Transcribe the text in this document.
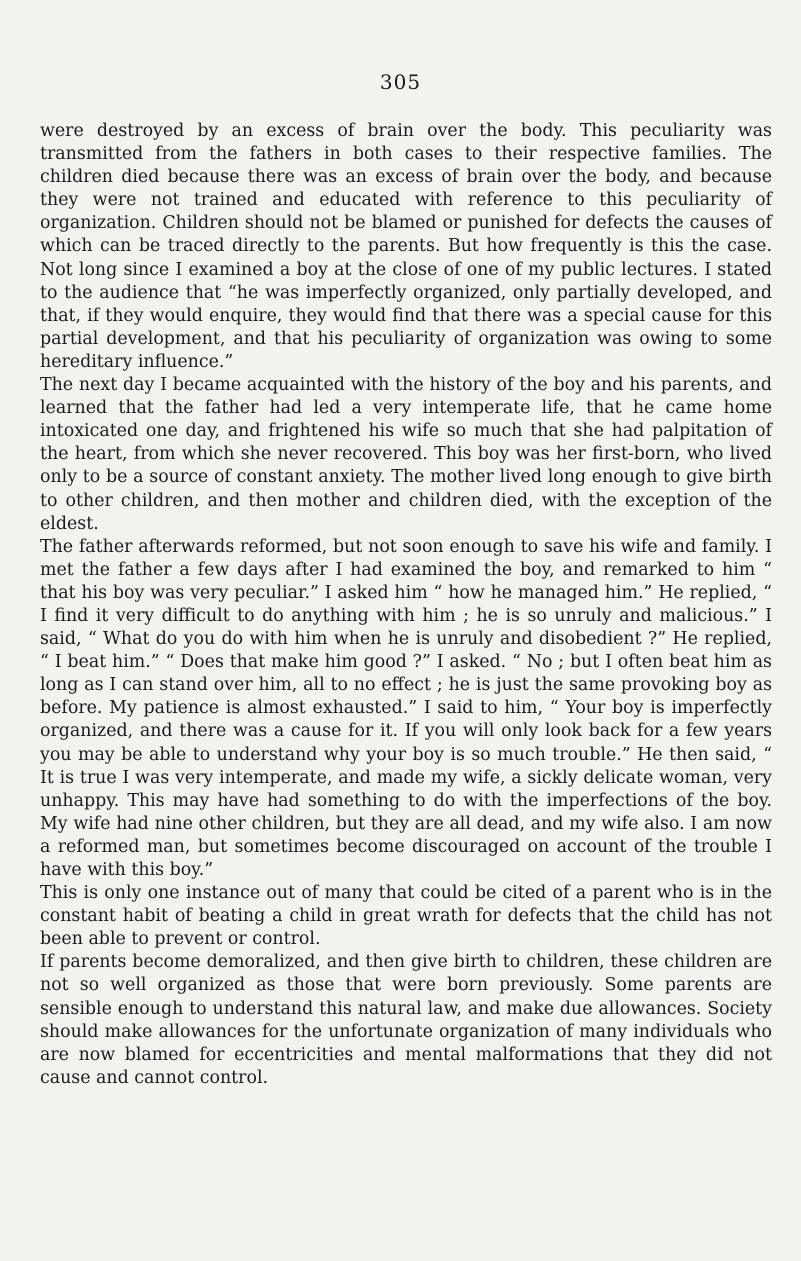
305

were destroyed by an excess of brain over the body. This peculiarity was transmitted from the fathers in both cases to their respective families. The children died because there was an excess of brain over the body, and because they were not trained and educated with reference to this peculiarity of organization. Children should not be blamed or punished for defects the causes of which can be traced directly to the parents. But how frequently is this the case. Not long since I examined a boy at the close of one of my public lectures. I stated to the audience that “he was imperfectly organized, only partially developed, and that, if they would enquire, they would find that there was a special cause for this partial development, and that his peculiarity of organization was owing to some hereditary influence.”

The next day I became acquainted with the history of the boy and his parents, and learned that the father had led a very intemperate life, that he came home intoxicated one day, and frightened his wife so much that she had palpitation of the heart, from which she never recovered. This boy was her first-born, who lived only to be a source of constant anxiety. The mother lived long enough to give birth to other children, and then mother and children died, with the exception of the eldest.

The father afterwards reformed, but not soon enough to save his wife and family. I met the father a few days after I had examined the boy, and remarked to him “ that his boy was very peculiar.” I asked him “ how he managed him.” He replied, “ I find it very difficult to do anything with him ; he is so unruly and malicious.” I said, “ What do you do with him when he is unruly and disobedient ?” He replied, “ I beat him.” “ Does that make him good ?” I asked. “ No ; but I often beat him as long as I can stand over him, all to no effect ; he is just the same provoking boy as before. My patience is almost exhausted.” I said to him, “ Your boy is imperfectly organized, and there was a cause for it. If you will only look back for a few years you may be able to understand why your boy is so much trouble.” He then said, “ It is true I was very intemperate, and made my wife, a sickly delicate woman, very unhappy. This may have had something to do with the imperfections of the boy. My wife had nine other children, but they are all dead, and my wife also. I am now a reformed man, but sometimes become discouraged on account of the trouble I have with this boy.”

This is only one instance out of many that could be cited of a parent who is in the constant habit of beating a child in great wrath for defects that the child has not been able to prevent or control.

If parents become demoralized, and then give birth to children, these children are not so well organized as those that were born previously. Some parents are sensible enough to understand this natural law, and make due allowances. Society should make allowances for the unfortunate organization of many individuals who are now blamed for eccentricities and mental malformations that they did not cause and cannot control.
